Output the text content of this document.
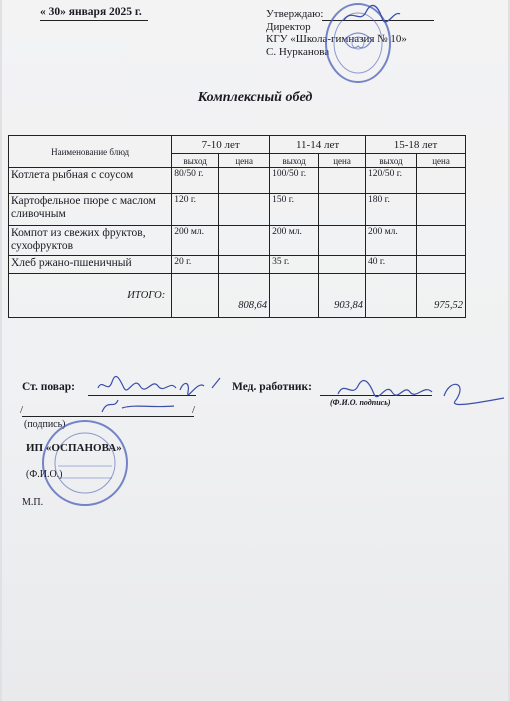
« 30» января 2025 г.	Утверждаю:
Директор
КГУ «Школа-гимназия № 10»
С. Нурканова
Комплексный обед
Наименование блюд	7-10 лет		11-14 лет		15-18 лет	
	выход	цена	выход	цена	выход	цена
Котлета рыбная с соусом	80/50 г.		100/50 г.		120/50 г.	
Картофельное пюре с маслом сливочным	120 г.		150 г.		180 г.	
Компот из свежих фруктов, сухофруктов	200 мл.		200 мл.		200 мл.	
Хлеб ржано-пшеничный	20 г.		35 г.		40 г.	
ИТОГО:		808,64		903,84		975,52
Ст. повар:	Мед. работник:
(Ф.И.О. подпись)
/	/
(подпись)
ИП «ОСПАНОВА»
(Ф.И.О.)
М.П.
